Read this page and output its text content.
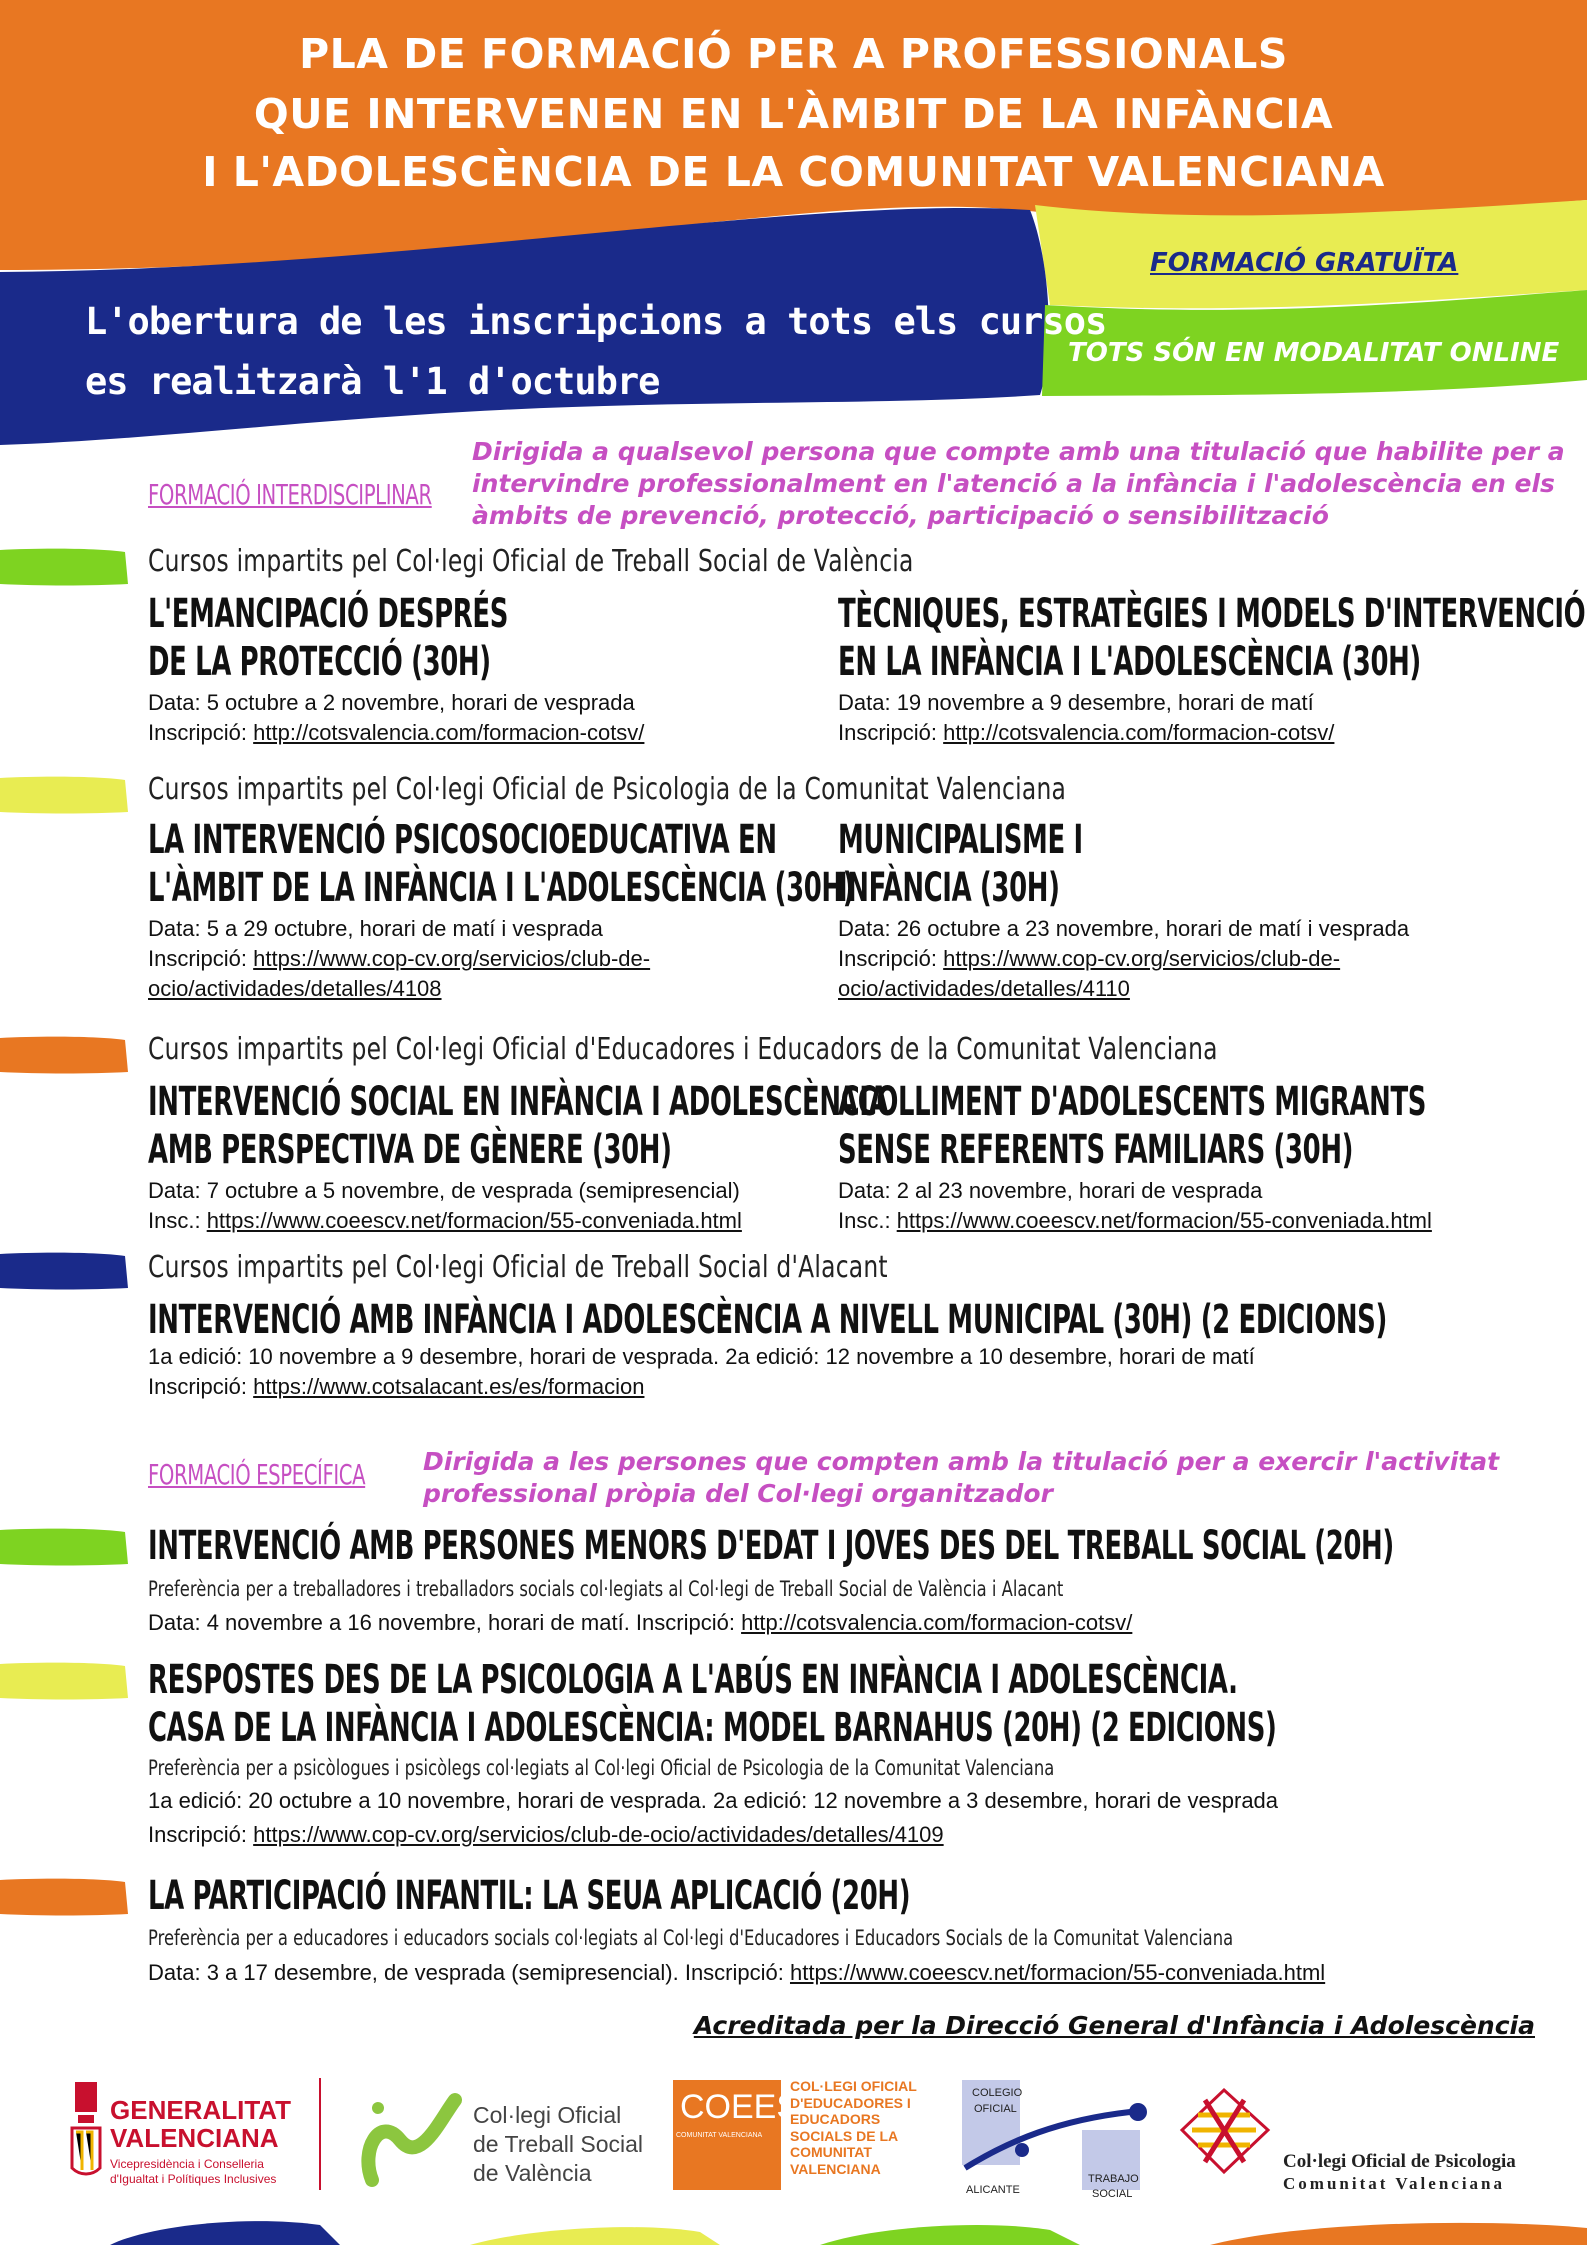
PLA DE FORMACIÓ PER A PROFESSIONALS
QUE INTERVENEN EN L'ÀMBIT DE LA INFÀNCIA
I L'ADOLESCÈNCIA DE LA COMUNITAT VALENCIANA
L'obertura de les inscripcions a tots els cursos
es realitzarà l'1 d'octubre
FORMACIÓ GRATUÏTA
TOTS SÓN EN MODALITAT ONLINE
FORMACIÓ INTERDISCIPLINAR
Dirigida a qualsevol persona que compte amb una titulació que habilite per a
intervindre professionalment en l'atenció a la infància i l'adolescència en els
àmbits de prevenció, protecció, participació o sensibilització
Cursos impartits pel Col·legi Oficial de Treball Social de València
L'EMANCIPACIÓ DESPRÉS
DE LA PROTECCIÓ (30H)
Data: 5 octubre a 2 novembre, horari de vesprada
Inscripció: http://cotsvalencia.com/formacion-cotsv/
TÈCNIQUES, ESTRATÈGIES I MODELS D'INTERVENCIÓ
EN LA INFÀNCIA I L'ADOLESCÈNCIA (30H)
Data: 19 novembre a 9 desembre, horari de matí
Inscripció: http://cotsvalencia.com/formacion-cotsv/
Cursos impartits pel Col·legi Oficial de Psicologia de la Comunitat Valenciana
LA INTERVENCIÓ PSICOSOCIOEDUCATIVA EN
L'ÀMBIT DE LA INFÀNCIA I L'ADOLESCÈNCIA (30H)
Data: 5 a 29 octubre, horari de matí i vesprada
Inscripció: https://www.cop-cv.org/servicios/club-de-
ocio/actividades/detalles/4108
MUNICIPALISME I
INFÀNCIA (30H)
Data: 26 octubre a 23 novembre, horari de matí i vesprada
Inscripció: https://www.cop-cv.org/servicios/club-de-
ocio/actividades/detalles/4110
Cursos impartits pel Col·legi Oficial d'Educadores i Educadors de la Comunitat Valenciana
INTERVENCIÓ SOCIAL EN INFÀNCIA I ADOLESCÈNCIA
AMB PERSPECTIVA DE GÈNERE (30H)
Data: 7 octubre a 5 novembre, de vesprada (semipresencial)
Insc.: https://www.coeescv.net/formacion/55-conveniada.html
ACOLLIMENT D'ADOLESCENTS MIGRANTS
SENSE REFERENTS FAMILIARS (30H)
Data: 2 al 23 novembre, horari de vesprada
Insc.: https://www.coeescv.net/formacion/55-conveniada.html
Cursos impartits pel Col·legi Oficial de Treball Social d'Alacant
INTERVENCIÓ AMB INFÀNCIA I ADOLESCÈNCIA A NIVELL MUNICIPAL (30H) (2 EDICIONS)
1a edició: 10 novembre a 9 desembre, horari de vesprada. 2a edició: 12 novembre a 10 desembre, horari de matí
Inscripció: https://www.cotsalacant.es/es/formacion
FORMACIÓ ESPECÍFICA Dirigida a les persones que compten amb la titulació per a exercir l'activitat
professional pròpia del Col·legi organitzador
INTERVENCIÓ AMB PERSONES MENORS D'EDAT I JOVES DES DEL TREBALL SOCIAL (20H)
Preferència per a treballadores i treballadors socials col·legiats al Col·legi de Treball Social de València i Alacant
Data: 4 novembre a 16 novembre, horari de matí. Inscripció: http://cotsvalencia.com/formacion-cotsv/
RESPOSTES DES DE LA PSICOLOGIA A L'ABÚS EN INFÀNCIA I ADOLESCÈNCIA.
CASA DE LA INFÀNCIA I ADOLESCÈNCIA: MODEL BARNAHUS (20H) (2 EDICIONS)
Preferència per a psicòlogues i psicòlegs col·legiats al Col·legi Oficial de Psicologia de la Comunitat Valenciana
1a edició: 20 octubre a 10 novembre, horari de vesprada. 2a edició: 12 novembre a 3 desembre, horari de vesprada
Inscripció: https://www.cop-cv.org/servicios/club-de-ocio/actividades/detalles/4109
LA PARTICIPACIÓ INFANTIL: LA SEUA APLICACIÓ (20H)
Preferència per a educadores i educadors socials col·legiats al Col·legi d'Educadores i Educadors Socials de la Comunitat Valenciana
Data: 3 a 17 desembre, de vesprada (semipresencial). Inscripció: https://www.coeescv.net/formacion/55-conveniada.html
Acreditada per la Direcció General d'Infància i Adolescència
GENERALITAT
VALENCIANA
Vicepresidència i Conselleria
d'Igualtat i Polítiques Inclusives
Col·legi Oficial
de Treball Social
de València
COEES
COMUNITAT VALENCIANA
COL·LEGI OFICIAL
D'EDUCADORES I
EDUCADORS
SOCIALS DE LA
COMUNITAT
VALENCIANA
COLEGIO
OFICIAL
ALICANTE
TRABAJO
SOCIAL
Col·legi Oficial de Psicologia
Comunitat Valenciana
